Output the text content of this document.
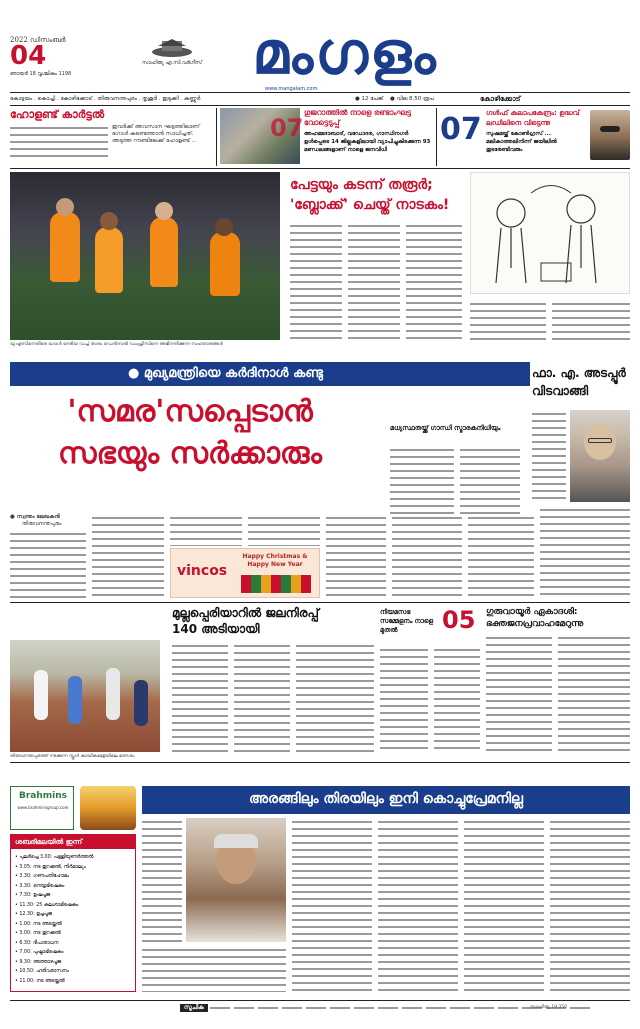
2022 ഡിസംബർ
04
ഞായർ 18 വൃശ്ചികം 1198
സാഹിത്യ എ.സി.വർഗീസ് മംഗളം
www.mangalam.com
കോട്ടയം . കൊച്ചി . കോഴിക്കോട് . തിരുവനന്തപുരം . തൃശൂർ . ഇടുക്കി . കണ്ണൂർ	● 12 പേജ് ● വില 8.50 രൂപ	കോഴിക്കോട്
ഹോളണ്ട് കാർട്ടൽ
ഇവർക്ക് അവസാന ഘട്ടത്തിലാണ് ഗോൾ കണ്ടെത്താൻ സാധിച്ചത്. അടുത്ത റൗണ്ടിലേക്ക് ഹോളണ്ട് ...	07
ഗുജറാത്തിൽ നാളെ രണ്ടാംഘട്ട വോട്ടെടുപ്പ്
അഹമ്മദാബാദ്, വഡോദര, ഗാന്ധിനഗർ ഉൾപ്പെടെ 14 ജില്ലകളിലായി വ്യാപിച്ചുകിടക്കുന്ന 93 മണ്ഡലങ്ങളാണ് നാളെ ജനവിധി
07 ഗൾഫ് കലാപകേന്ദ്രം: ഉദ്ധവ് ലഡിലിനെ വിട്ടെന്നു
സുഷമയ്ക്ക് കോൺഗ്രസ് ... മലികാത്തലിനിന്ന് ജയിലിൽ തുടരേണ്ടിവരും
യു.എസിനെതിരെ ഗോൾ നേടിയ ഡച്ച് താരം ഡെൻസൽ ഡംഫ്രിസിനെ അഭിനന്ദിക്കുന്ന സഹതാരങ്ങൾ
പേട്ടയും കടന്ന് തരൂർ;
'ബ്ലോക്ക്' ചെയ്ത് നാടകം!
● മുഖ്യമന്ത്രിയെ കർദിനാൾ കണ്ടു	ഫാ. എ. അടപ്പൂർ
വിടവാങ്ങി
'സമര'സപ്പെടാൻ
സഭയും സർക്കാരും
മധ്യസ്ഥതയ്ക്ക് ഗാന്ധി സ്മാരകനിധിയും
● സ്വന്തം ലേഖകൻ
തിരുവനന്തപുരം
vincos
Happy Christmas & Happy New Year
മുല്ലപ്പെരിയാറിൽ ജലനിരപ്പ്
140 അടിയായി
നിയമസഭ സമ്മേളനം നാളെ മുതൽ	05
തിരുവനന്തപുരത്ത് നടക്കുന്ന സ്കൂൾ കായികമേളയിലെ മത്സരം
ഗുരുവായൂർ ഏകാദശി: ഭക്തജനപ്രവാഹമേറുന്നു
Brahmins
www.brahminsgroup.com
ശബരിമലയിൽ ഇന്ന്
• പുലർച്ചെ 3.00: പള്ളിയുണർത്തൽ
• 3.05: നട തുറക്കൽ, നിർമാല്യം
• 3.30: ഗണപതിഹോമം
• 3.30: നെയ്യഭിഷേകം
• 7.30: ഉഷപൂജ
• 11.30: 25 കലശാഭിഷേകം
• 12.30: ഉച്ചപൂജ
• 1.00: നട അടയ്ക്കൽ
• 3.00: നട തുറക്കൽ
• 6.30: ദീപാരാധന
• 7.00: പുഷ്പാഭിഷേകം
• 9.30: അത്താഴപൂജ
• 10.50: ഹരിവരാസനം
• 11.00: നട അടയ്ക്കൽ
അരങ്ങിലും തിരയിലും ഇനി കൊച്ചുപ്രേമനില്ല
സൂചിക	സാഹിത്യ 19,350
